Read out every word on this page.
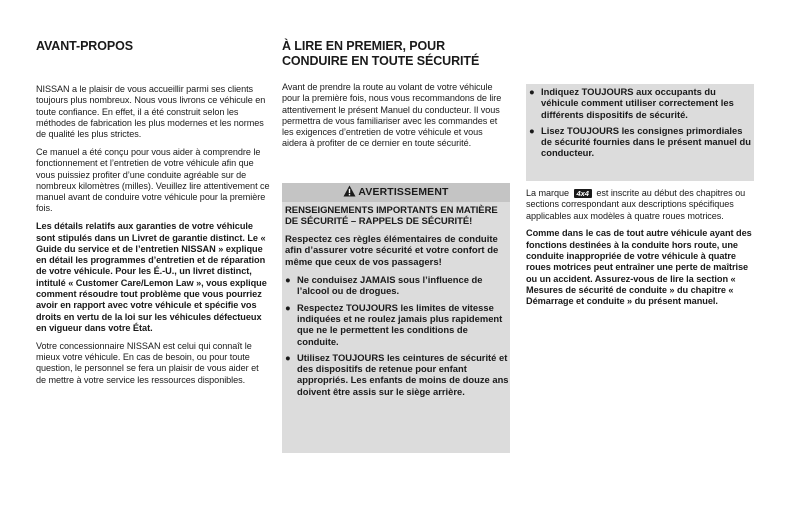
AVANT-PROPOS

NISSAN a le plaisir de vous accueillir parmi ses clients toujours plus nombreux. Nous vous livrons ce véhicule en toute confiance. En effet, il a été construit selon les méthodes de fabrication les plus modernes et les normes de qualité les plus strictes.

Ce manuel a été conçu pour vous aider à comprendre le fonctionnement et l’entretien de votre véhicule afin que vous puissiez profiter d’une conduite agréable sur de nombreux kilomètres (milles). Veuillez lire attentivement ce manuel avant de conduire votre véhicule pour la première fois.

Les détails relatifs aux garanties de votre véhicule sont stipulés dans un Livret de garantie distinct. Le « Guide du service et de l’entretien NISSAN » explique en détail les programmes d’entretien et de réparation de votre véhicule. Pour les É.-U., un livret distinct, intitulé « Customer Care/Lemon Law », vous explique comment résoudre tout problème que vous pourriez avoir en rapport avec votre véhicule et spécifie vos droits en vertu de la loi sur les véhicules défectueux en vigueur dans votre État.

Votre concessionnaire NISSAN est celui qui connaît le mieux votre véhicule. En cas de besoin, ou pour toute question, le personnel se fera un plaisir de vous aider et de mettre à votre service les ressources disponibles.

À LIRE EN PREMIER, POUR
CONDUIRE EN TOUTE SÉCURITÉ

Avant de prendre la route au volant de votre véhicule pour la première fois, nous vous recommandons de lire attentivement le présent Manuel du conducteur. Il vous permettra de vous familiariser avec les commandes et les exigences d’entretien de votre véhicule et vous aidera à profiter de ce dernier en toute sécurité.

AVERTISSEMENT

RENSEIGNEMENTS IMPORTANTS EN MATIÈRE DE SÉCURITÉ – RAPPELS DE SÉCURITÉ!

Respectez ces règles élémentaires de conduite afin d’assurer votre sécurité et votre confort de même que ceux de vos passagers!

● Ne conduisez JAMAIS sous l’influence de l’alcool ou de drogues.
● Respectez TOUJOURS les limites de vitesse indiquées et ne roulez jamais plus rapidement que ne le permettent les conditions de conduite.
● Utilisez TOUJOURS les ceintures de sécurité et des dispositifs de retenue pour enfant appropriés. Les enfants de moins de douze ans doivent être assis sur le siège arrière.
● Indiquez TOUJOURS aux occupants du véhicule comment utiliser correctement les différents dispositifs de sécurité.
● Lisez TOUJOURS les consignes primordiales de sécurité fournies dans le présent manuel du conducteur.

La marque 4x4 est inscrite au début des chapitres ou sections correspondant aux descriptions spécifiques applicables aux modèles à quatre roues motrices.

Comme dans le cas de tout autre véhicule ayant des fonctions destinées à la conduite hors route, une conduite inappropriée de votre véhicule à quatre roues motrices peut entraîner une perte de maîtrise ou un accident. Assurez-vous de lire la section « Mesures de sécurité de conduite » du chapitre « Démarrage et conduite » du présent manuel.
